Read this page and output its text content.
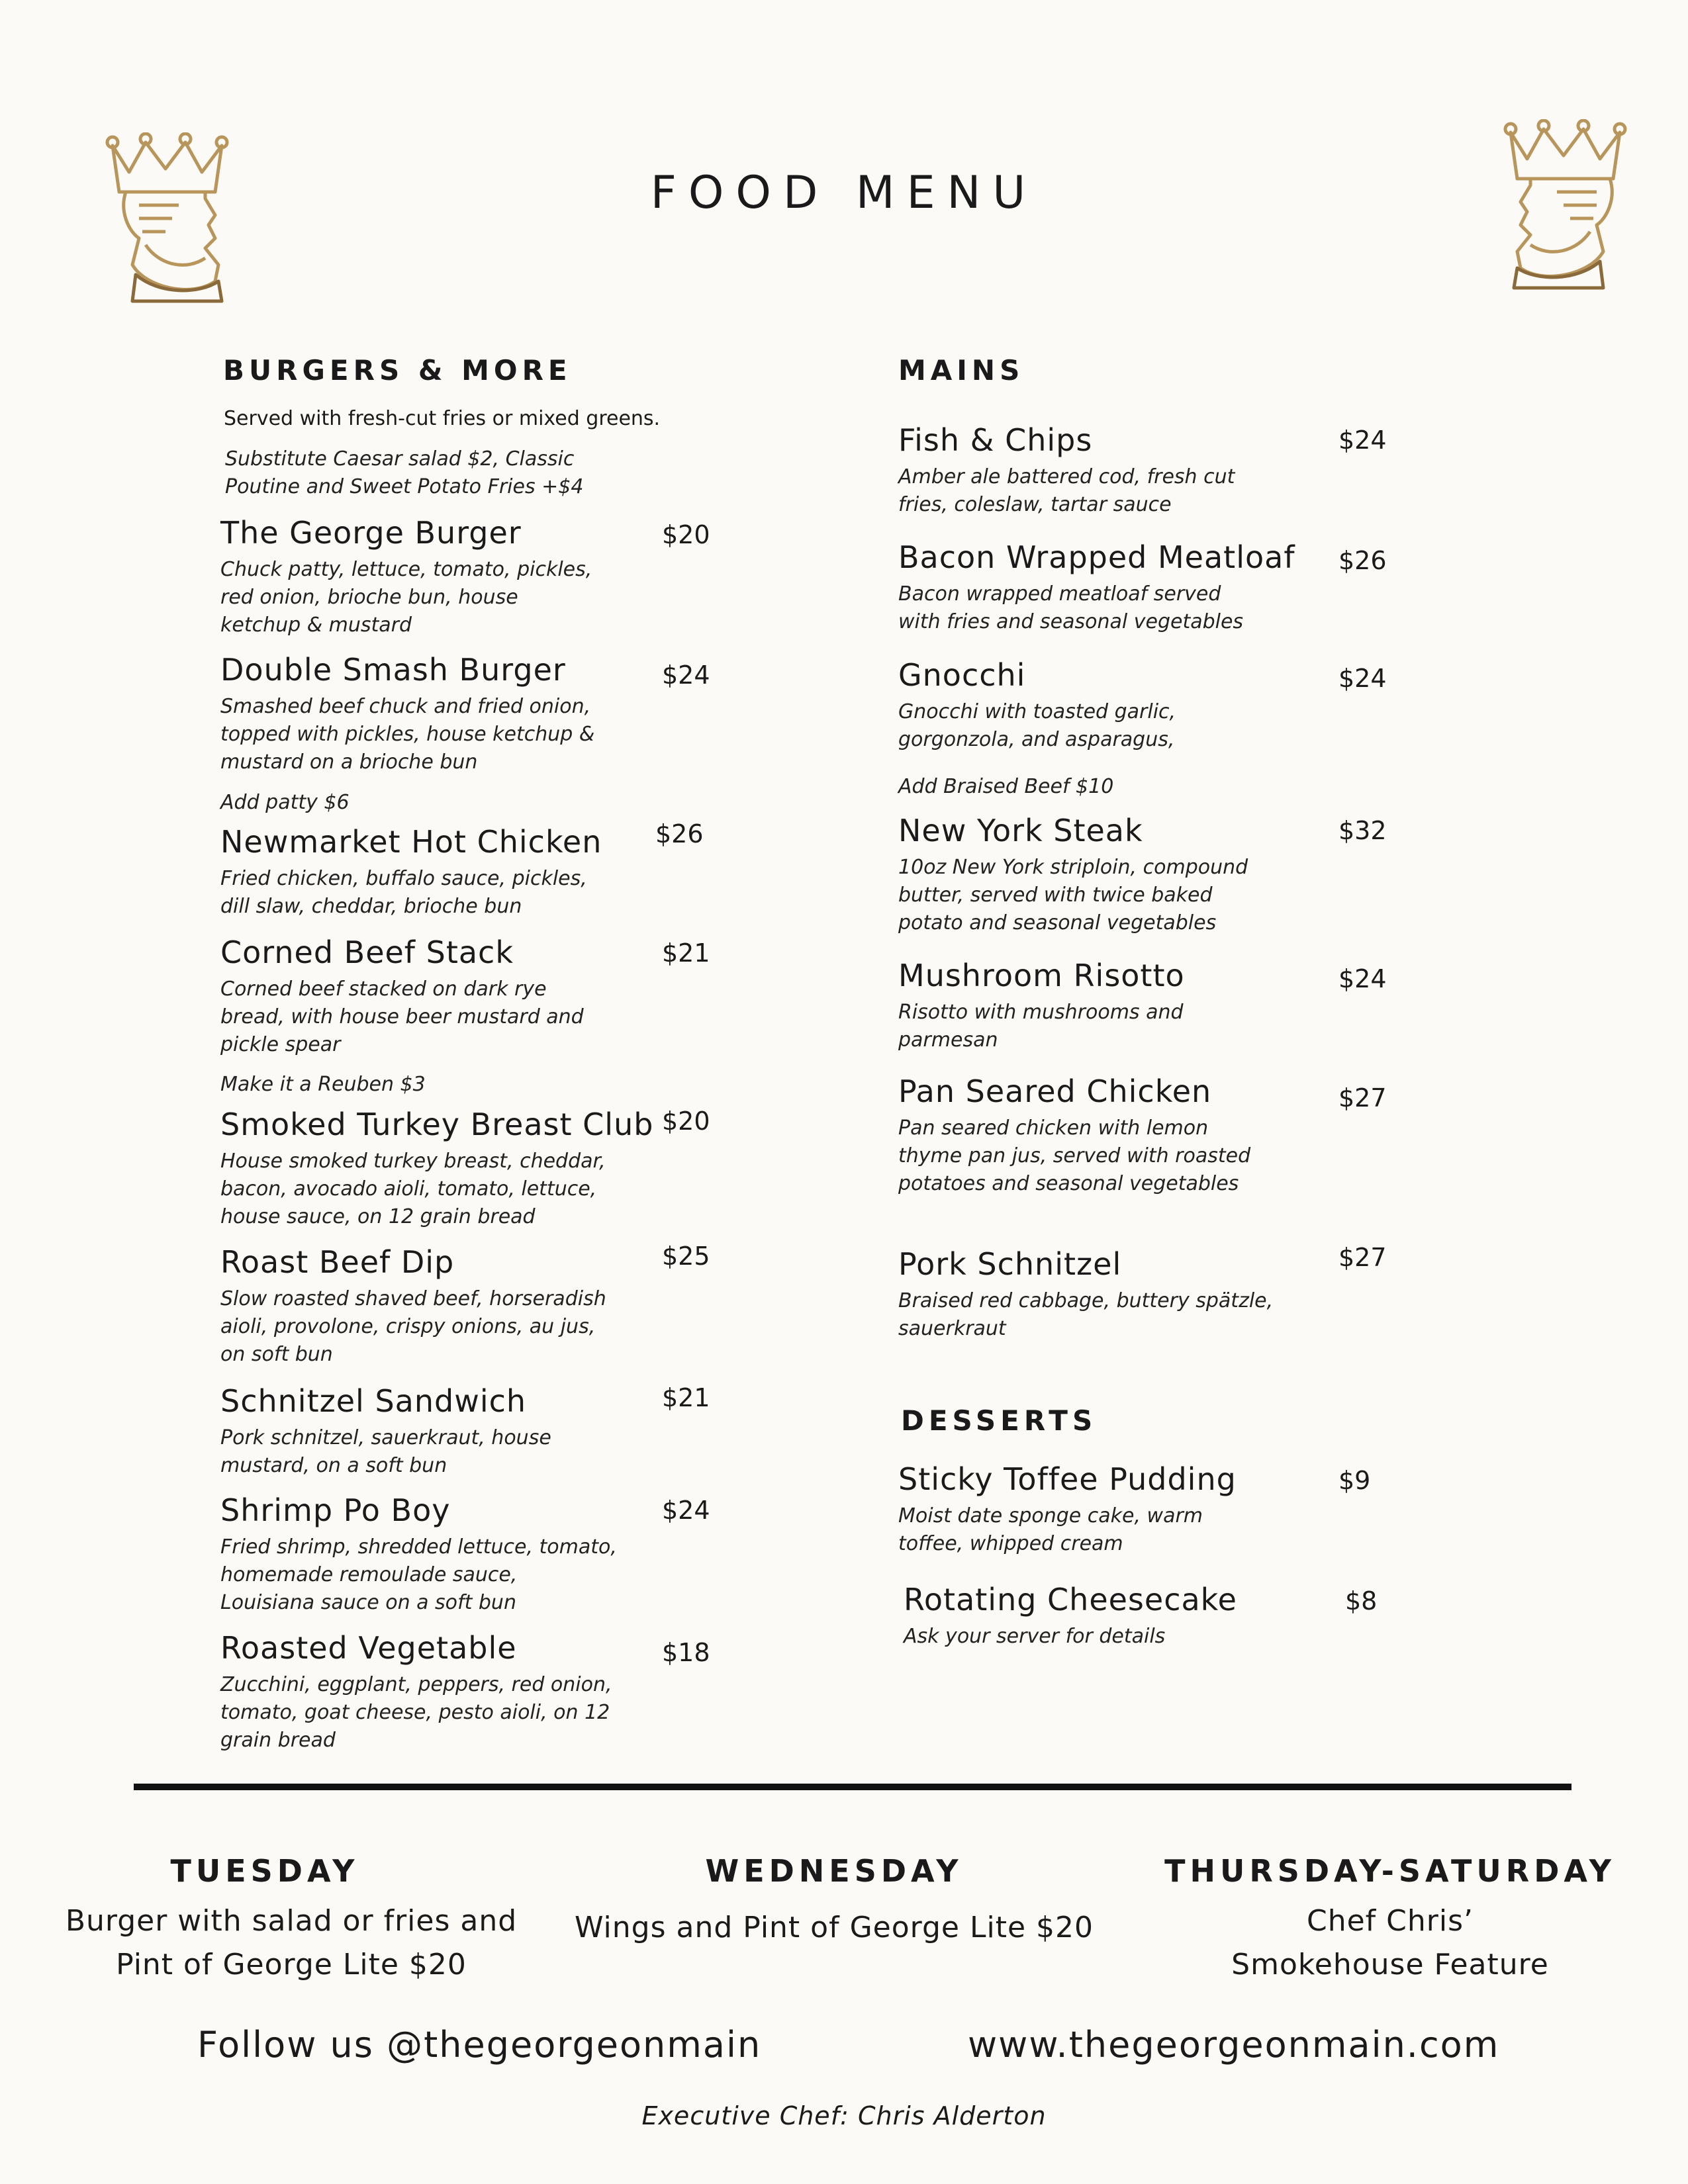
FOOD MENU
BURGERS & MORE
Served with fresh-cut fries or mixed greens.
Substitute Caesar salad $2, Classic Poutine and Sweet Potato Fries +$4
The George Burger	$20
Chuck patty, lettuce, tomato, pickles, red onion, brioche bun, house ketchup & mustard
Double Smash Burger	$24
Smashed beef chuck and fried onion, topped with pickles, house ketchup & mustard on a brioche bun
Add patty $6
Newmarket Hot Chicken $26
Fried chicken, buffalo sauce, pickles, dill slaw, cheddar, brioche bun
Corned Beef Stack	$21
Corned beef stacked on dark rye bread, with house beer mustard and pickle spear
Make it a Reuben $3
Smoked Turkey Breast Club $20
House smoked turkey breast, cheddar, bacon, avocado aioli, tomato, lettuce, house sauce, on 12 grain bread
Roast Beef Dip	$25
Slow roasted shaved beef, horseradish aioli, provolone, crispy onions, au jus, on soft bun
Schnitzel Sandwich	$21
Pork schnitzel, sauerkraut, house mustard, on a soft bun
Shrimp Po Boy	$24
Fried shrimp, shredded lettuce, tomato, homemade remoulade sauce, Louisiana sauce on a soft bun
Roasted Vegetable	$18
Zucchini, eggplant, peppers, red onion, tomato, goat cheese, pesto aioli, on 12 grain bread
MAINS
Fish & Chips	$24
Amber ale battered cod, fresh cut fries, coleslaw, tartar sauce
Bacon Wrapped Meatloaf $26
Bacon wrapped meatloaf served with fries and seasonal vegetables
Gnocchi	$24
Gnocchi with toasted garlic, gorgonzola, and asparagus,
Add Braised Beef $10
New York Steak	$32
10oz New York striploin, compound butter, served with twice baked potato and seasonal vegetables
Mushroom Risotto	$24
Risotto with mushrooms and parmesan
Pan Seared Chicken	$27
Pan seared chicken with lemon thyme pan jus, served with roasted potatoes and seasonal vegetables
Pork Schnitzel	$27
Braised red cabbage, buttery spätzle, sauerkraut
DESSERTS
Sticky Toffee Pudding	$9
Moist date sponge cake, warm toffee, whipped cream
Rotating Cheesecake	$8
Ask your server for details
TUESDAY
Burger with salad or fries and Pint of George Lite $20
WEDNESDAY
Wings and Pint of George Lite $20
THURSDAY-SATURDAY
Chef Chris’ Smokehouse Feature
Follow us @thegeorgeonmain	www.thegeorgeonmain.com
Executive Chef: Chris Alderton
